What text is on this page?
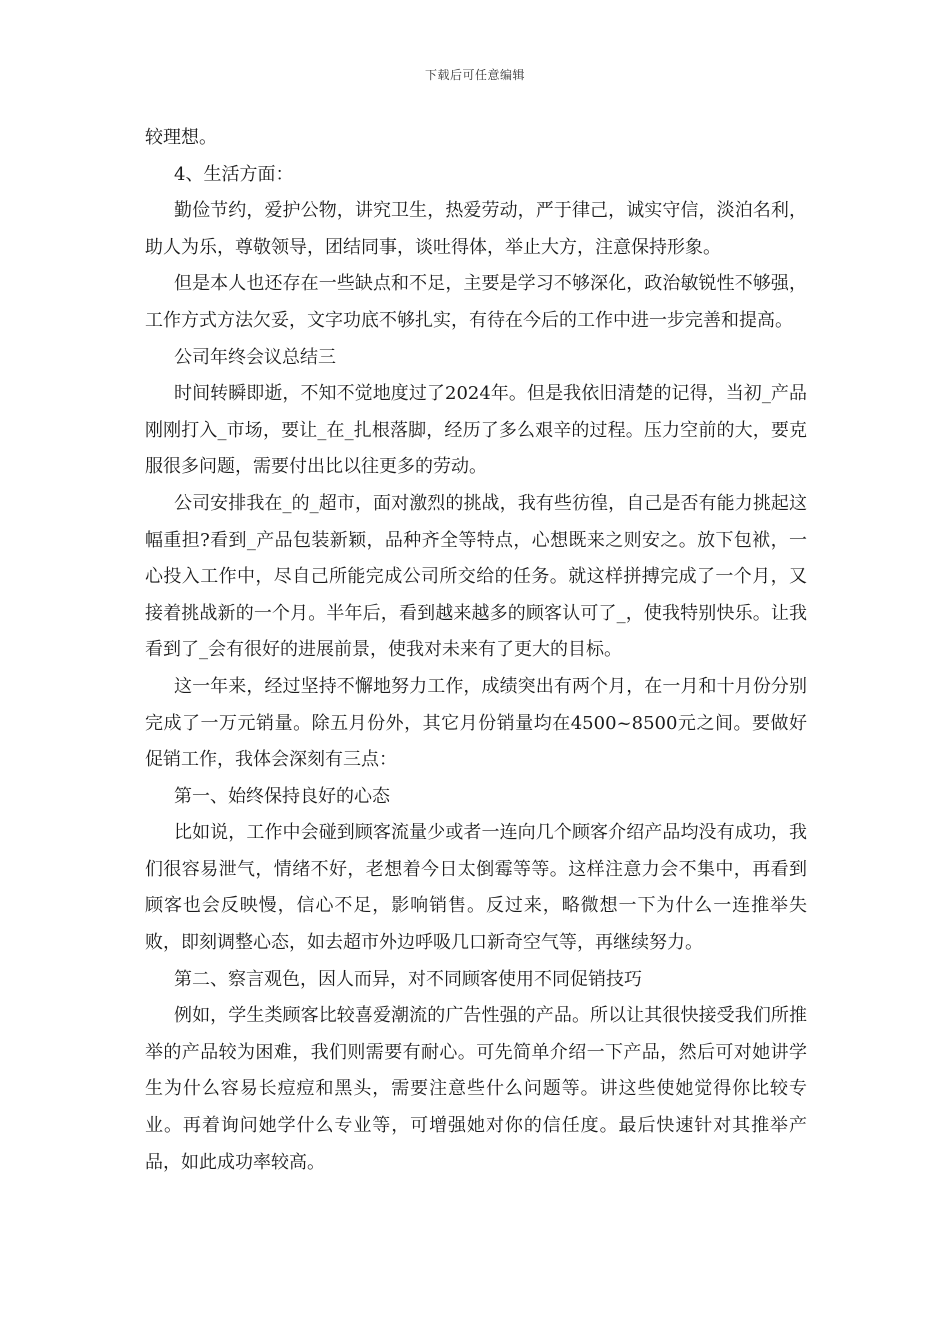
下载后可任意编辑

较理想。

4、生活方面：

勤俭节约，爱护公物，讲究卫生，热爱劳动，严于律己，诚实守信，淡泊名利，助人为乐，尊敬领导，团结同事，谈吐得体，举止大方，注意保持形象。

但是本人也还存在一些缺点和不足，主要是学习不够深化，政治敏锐性不够强，工作方式方法欠妥，文字功底不够扎实，有待在今后的工作中进一步完善和提高。

公司年终会议总结三

时间转瞬即逝，不知不觉地度过了2024年。但是我依旧清楚的记得，当初_产品刚刚打入_市场，要让_在_扎根落脚，经历了多么艰辛的过程。压力空前的大，要克服很多问题，需要付出比以往更多的劳动。

公司安排我在_的_超市，面对激烈的挑战，我有些彷徨，自己是否有能力挑起这幅重担?看到_产品包装新颖，品种齐全等特点，心想既来之则安之。放下包袱，一心投入工作中，尽自己所能完成公司所交给的任务。就这样拼搏完成了一个月，又接着挑战新的一个月。半年后，看到越来越多的顾客认可了_，使我特别快乐。让我看到了_会有很好的进展前景，使我对未来有了更大的目标。

这一年来，经过坚持不懈地努力工作，成绩突出有两个月，在一月和十月份分别完成了一万元销量。除五月份外，其它月份销量均在4500~8500元之间。要做好促销工作，我体会深刻有三点：

第一、始终保持良好的心态

比如说，工作中会碰到顾客流量少或者一连向几个顾客介绍产品均没有成功，我们很容易泄气，情绪不好，老想着今日太倒霉等等。这样注意力会不集中，再看到顾客也会反映慢，信心不足，影响销售。反过来，略微想一下为什么一连推举失败，即刻调整心态，如去超市外边呼吸几口新奇空气等，再继续努力。

第二、察言观色，因人而异，对不同顾客使用不同促销技巧

例如，学生类顾客比较喜爱潮流的广告性强的产品。所以让其很快接受我们所推举的产品较为困难，我们则需要有耐心。可先简单介绍一下产品，然后可对她讲学生为什么容易长痘痘和黑头，需要注意些什么问题等。讲这些使她觉得你比较专业。再着询问她学什么专业等，可增强她对你的信任度。最后快速针对其推举产品，如此成功率较高。
